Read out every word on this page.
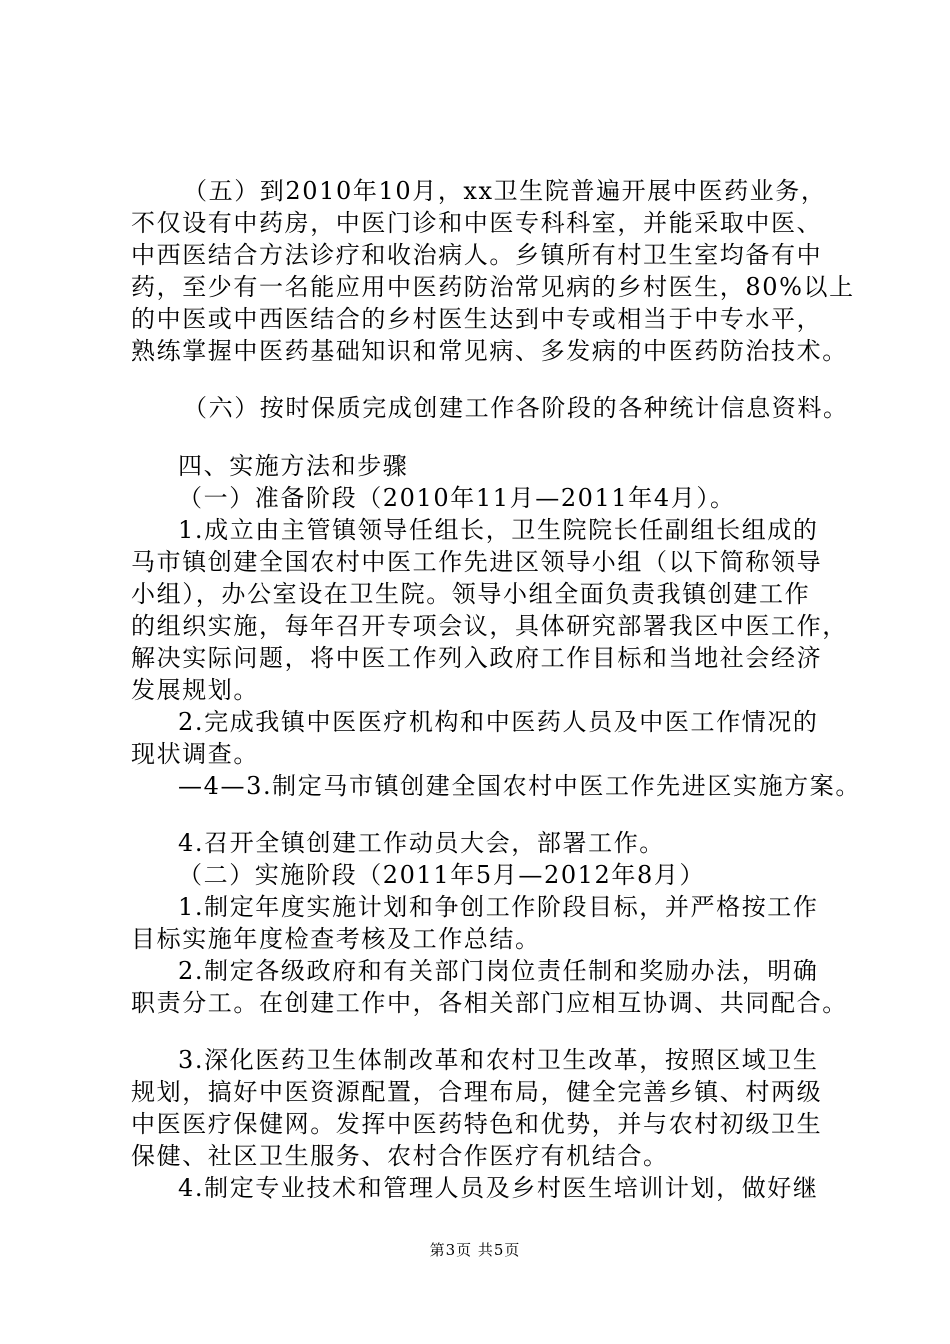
（五）到2010年10月，xx卫生院普遍开展中医药业务，

不仅设有中药房，中医门诊和中医专科科室，并能采取中医、

中西医结合方法诊疗和收治病人。乡镇所有村卫生室均备有中

药，至少有一名能应用中医药防治常见病的乡村医生，80%以上

的中医或中西医结合的乡村医生达到中专或相当于中专水平，

熟练掌握中医药基础知识和常见病、多发病的中医药防治技术。

（六）按时保质完成创建工作各阶段的各种统计信息资料。

四、实施方法和步骤

（一）准备阶段（2010年11月—2011年4月）。

1.成立由主管镇领导任组长，卫生院院长任副组长组成的

马市镇创建全国农村中医工作先进区领导小组（以下简称领导

小组），办公室设在卫生院。领导小组全面负责我镇创建工作

的组织实施，每年召开专项会议，具体研究部署我区中医工作，

解决实际问题，将中医工作列入政府工作目标和当地社会经济

发展规划。

2.完成我镇中医医疗机构和中医药人员及中医工作情况的

现状调查。

—4—3.制定马市镇创建全国农村中医工作先进区实施方案。

4.召开全镇创建工作动员大会，部署工作。

（二）实施阶段（2011年5月—2012年8月）

1.制定年度实施计划和争创工作阶段目标，并严格按工作

目标实施年度检查考核及工作总结。

2.制定各级政府和有关部门岗位责任制和奖励办法，明确

职责分工。在创建工作中，各相关部门应相互协调、共同配合。

3.深化医药卫生体制改革和农村卫生改革，按照区域卫生

规划，搞好中医资源配置，合理布局，健全完善乡镇、村两级

中医医疗保健网。发挥中医药特色和优势，并与农村初级卫生

保健、社区卫生服务、农村合作医疗有机结合。

4.制定专业技术和管理人员及乡村医生培训计划，做好继

第3页 共5页
